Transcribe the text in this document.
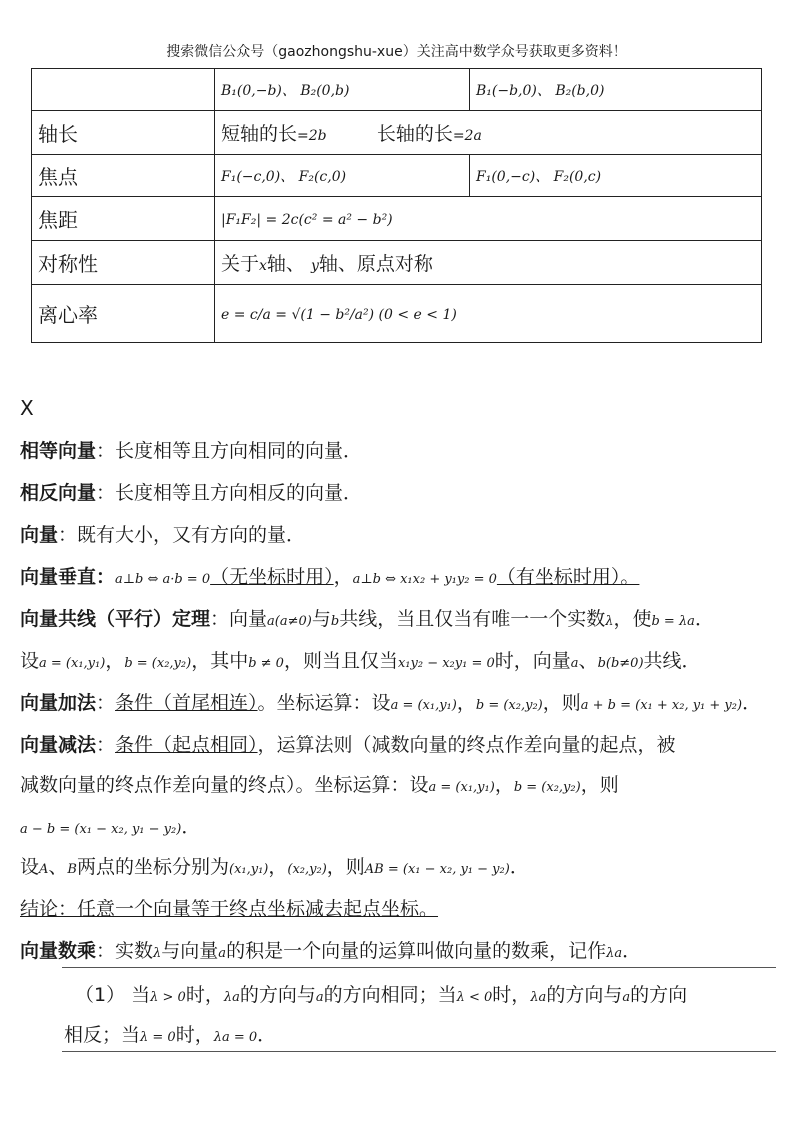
搜索微信公众号（gaozhongshu-xue）关注高中数学众号获取更多资料！
	B₁(0,−b)、 B₂(0,b)	B₁(−b,0)、 B₂(b,0)
轴长	短轴的长=2b 长轴的长=2a	
焦点	F₁(−c,0)、 F₂(c,0)	F₁(0,−c)、 F₂(0,c)
焦距	|F₁F₂| = 2c(c² = a² − b²)	
对称性	关于x轴、 y轴、原点对称	
离心率	e = c/a = √(1 − b²/a²) (0 < e < 1)	
X
相等向量：长度相等且方向相同的向量．
相反向量：长度相等且方向相反的向量．
向量：既有大小，又有方向的量．
向量垂直：a⊥b ⇔ a·b = 0（无坐标时用），a⊥b ⇔ x₁x₂ + y₁y₂ = 0（有坐标时用）。
向量共线（平行）定理：向量a(a≠0)与b共线，当且仅当有唯一一个实数λ，使b = λa．
设a = (x₁,y₁)，b = (x₂,y₂)，其中b ≠ 0，则当且仅当x₁y₂ − x₂y₁ = 0时，向量a、b(b≠0)共线．
向量加法：条件（首尾相连）。坐标运算：设a = (x₁,y₁)，b = (x₂,y₂)，则a + b = (x₁ + x₂, y₁ + y₂)．
向量减法：条件（起点相同），运算法则（减数向量的终点作差向量的起点，被
减数向量的终点作差向量的终点）。坐标运算：设a = (x₁,y₁)，b = (x₂,y₂)，则
a − b = (x₁ − x₂, y₁ − y₂)．
设A、B两点的坐标分别为(x₁,y₁)，(x₂,y₂)，则AB = (x₁ − x₂, y₁ − y₂)．
结论：任意一个向量等于终点坐标减去起点坐标。
向量数乘：实数λ与向量a的积是一个向量的运算叫做向量的数乘，记作λa．
（1） 当λ > 0时，λa的方向与a的方向相同；当λ < 0时，λa的方向与a的方向
相反；当λ = 0时，λa = 0．
